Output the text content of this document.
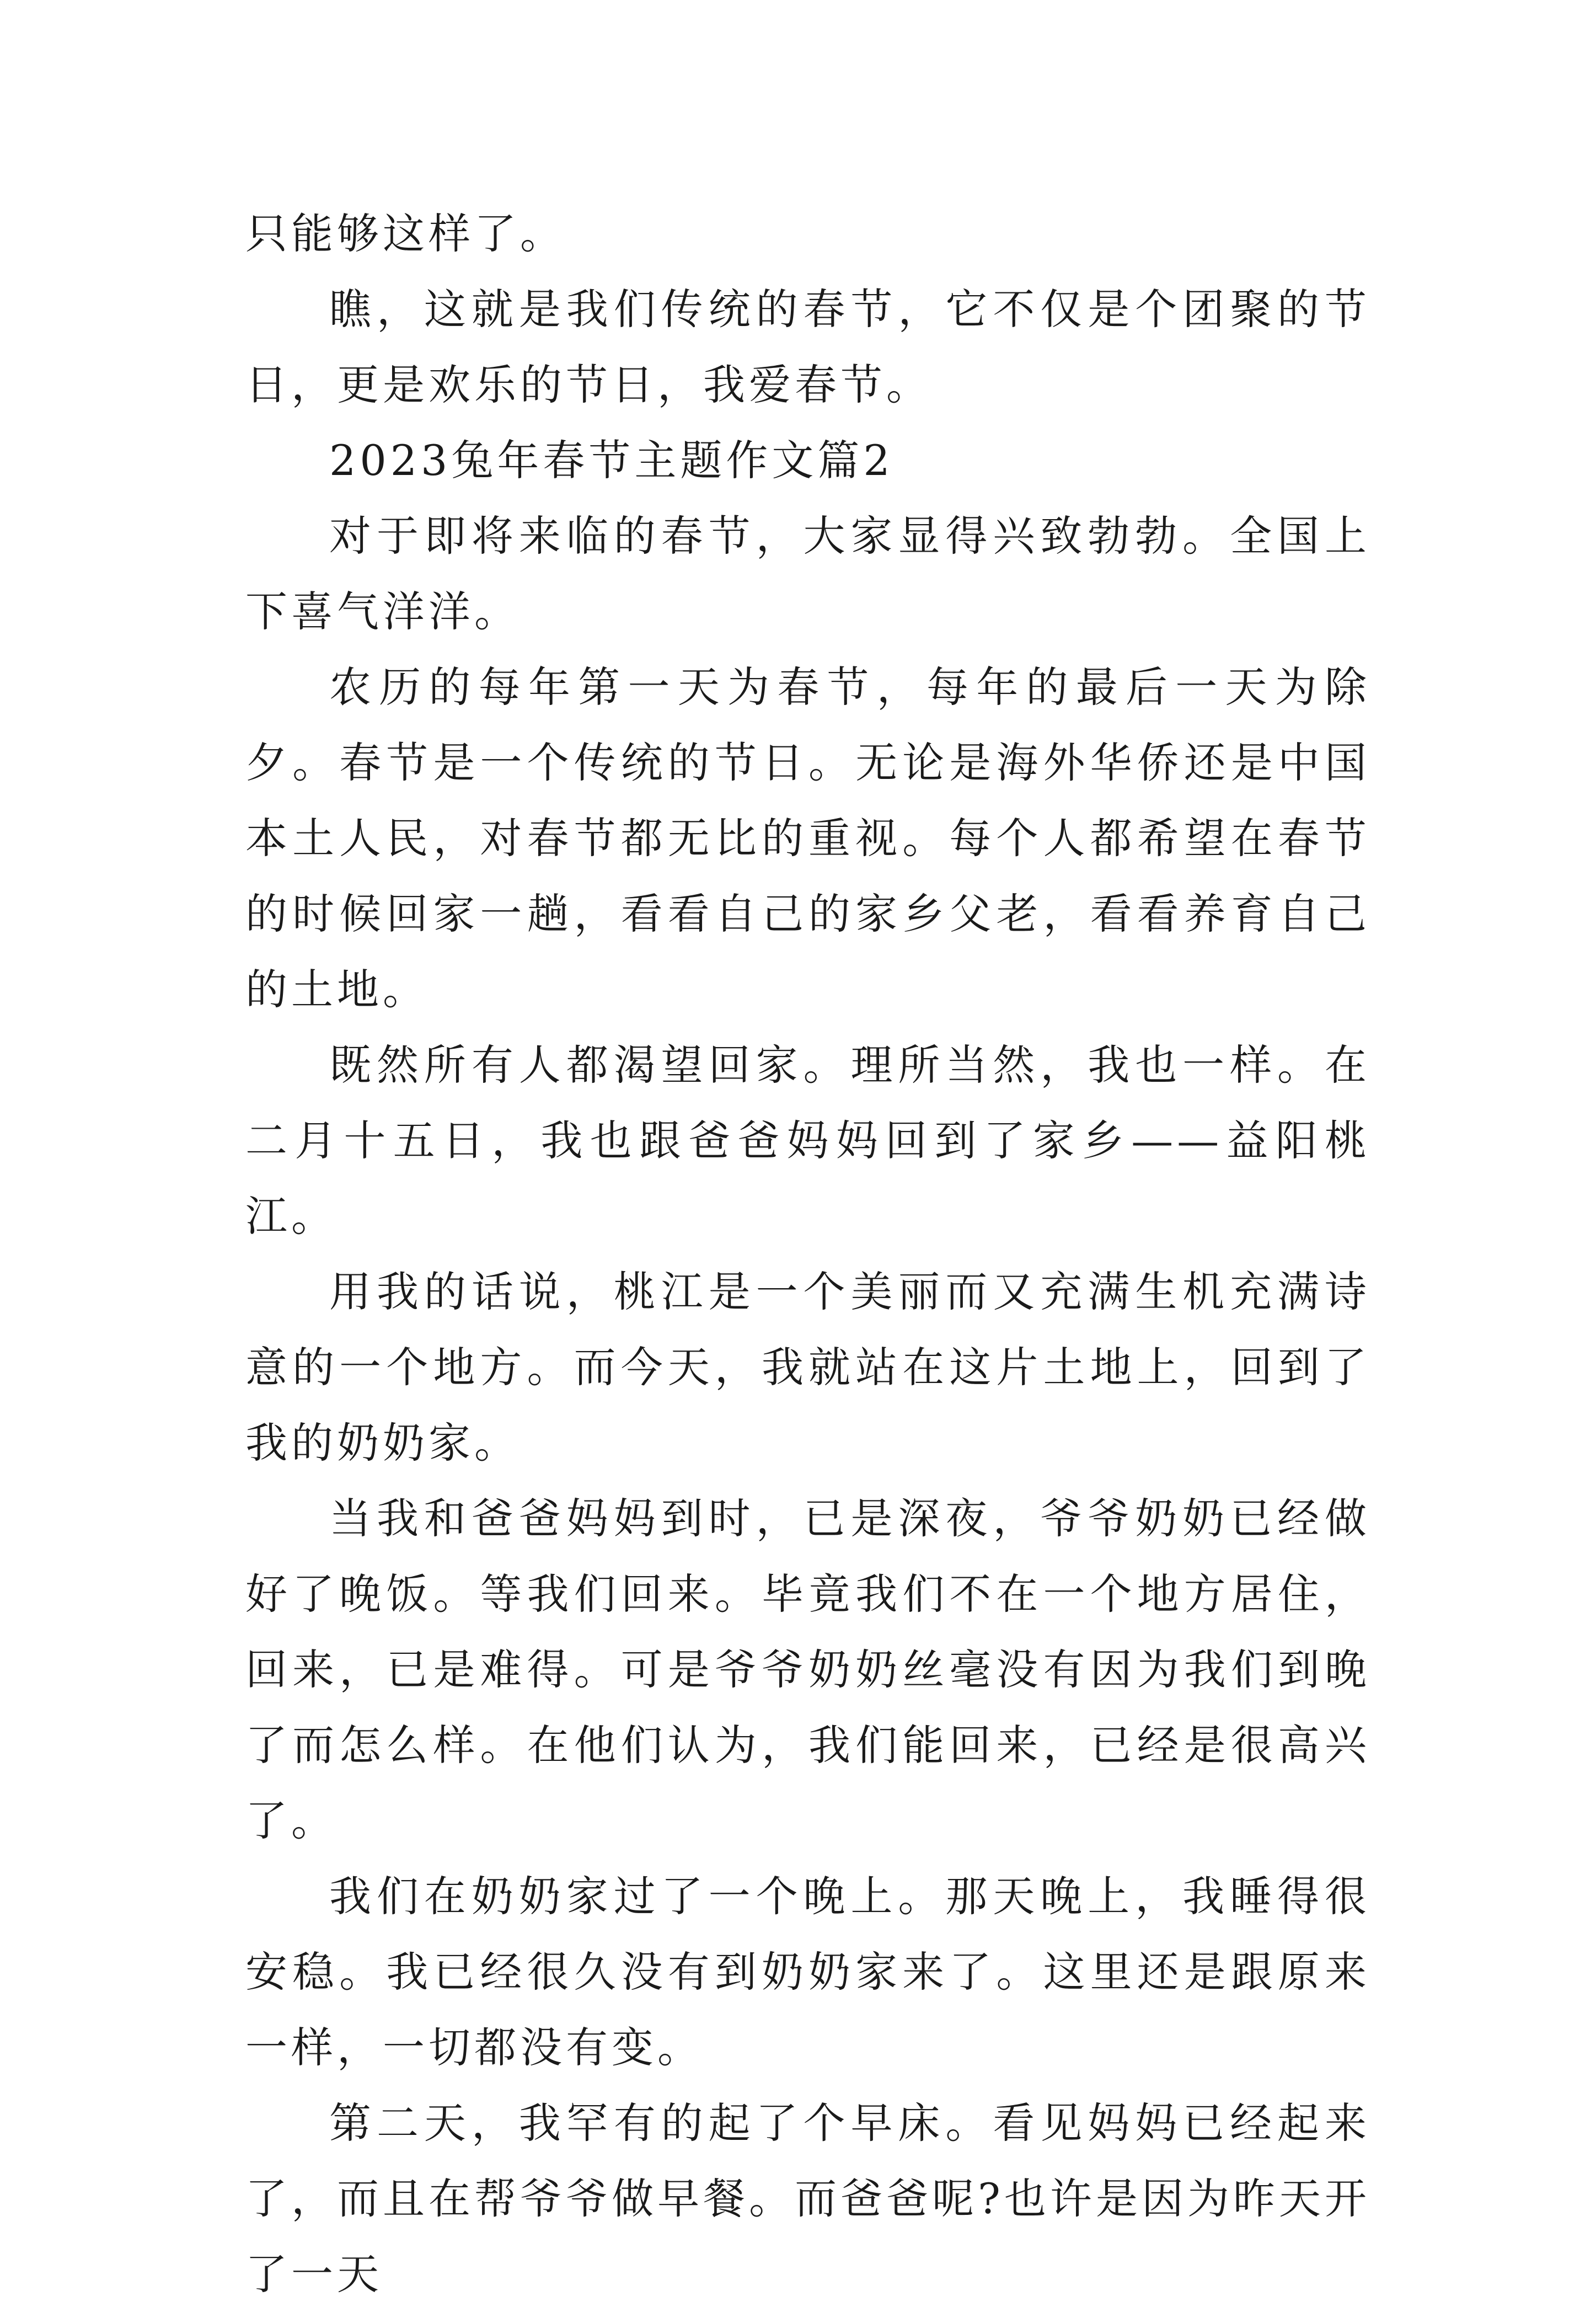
只能够这样了。

瞧，这就是我们传统的春节，它不仅是个团聚的节日，更是欢乐的节日，我爱春节。

2023兔年春节主题作文篇2

对于即将来临的春节，大家显得兴致勃勃。全国上下喜气洋洋。

农历的每年第一天为春节，每年的最后一天为除夕。春节是一个传统的节日。无论是海外华侨还是中国本土人民，对春节都无比的重视。每个人都希望在春节的时候回家一趟，看看自己的家乡父老，看看养育自己的土地。

既然所有人都渴望回家。理所当然，我也一样。在二月十五日，我也跟爸爸妈妈回到了家乡——益阳桃江。

用我的话说，桃江是一个美丽而又充满生机充满诗意的一个地方。而今天，我就站在这片土地上，回到了我的奶奶家。

当我和爸爸妈妈到时，已是深夜，爷爷奶奶已经做好了晚饭。等我们回来。毕竟我们不在一个地方居住，回来，已是难得。可是爷爷奶奶丝毫没有因为我们到晚了而怎么样。在他们认为，我们能回来，已经是很高兴了。

我们在奶奶家过了一个晚上。那天晚上，我睡得很安稳。我已经很久没有到奶奶家来了。这里还是跟原来一样，一切都没有变。

第二天，我罕有的起了个早床。看见妈妈已经起来了，而且在帮爷爷做早餐。而爸爸呢?也许是因为昨天开了一天
